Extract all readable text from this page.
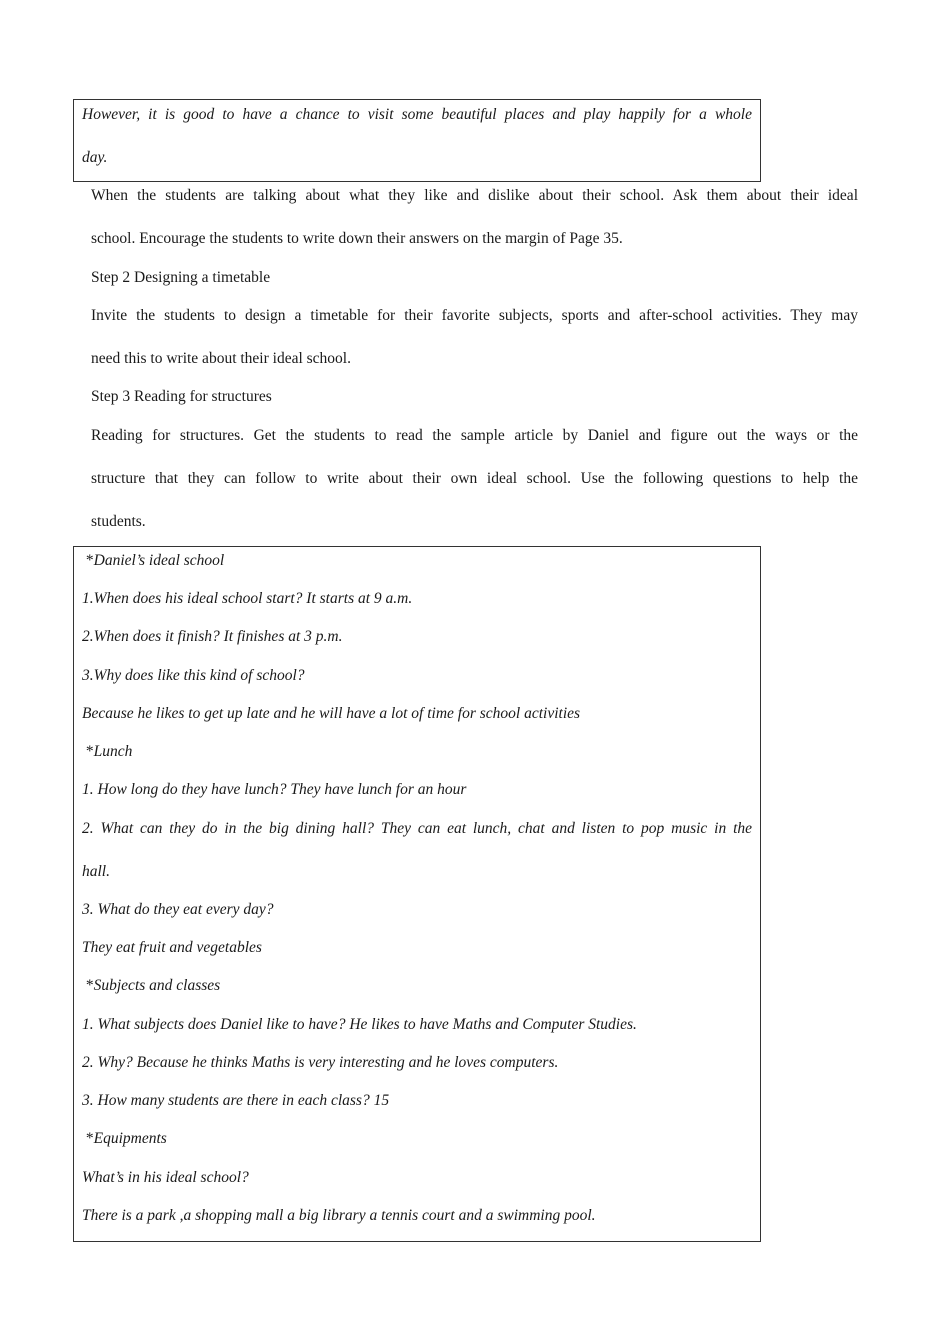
However, it is good to have a chance to visit some beautiful places and play happily for a whole

day.

When the students are talking about what they like and dislike about their school. Ask them about their ideal

school. Encourage the students to write down their answers on the margin of Page 35.

Step 2 Designing a timetable

Invite the students to design a timetable for their favorite subjects, sports and after-school activities. They may

need this to write about their ideal school.

Step 3 Reading for structures

Reading for structures. Get the students to read the sample article by Daniel and figure out the ways or the

structure that they can follow to write about their own ideal school. Use the following questions to help the

students.

*Daniel’s ideal school

1.When does his ideal school start? It starts at 9 a.m.

2.When does it finish? It finishes at 3 p.m.

3.Why does like this kind of school?

Because he likes to get up late and he will have a lot of time for school activities

*Lunch

1. How long do they have lunch? They have lunch for an hour

2. What can they do in the big dining hall? They can eat lunch, chat and listen to pop music in the

hall.

3. What do they eat every day?

They eat fruit and vegetables

*Subjects and classes

1. What subjects does Daniel like to have? He likes to have Maths and Computer Studies.

2. Why? Because he thinks Maths is very interesting and he loves computers.

3. How many students are there in each class? 15

*Equipments

What’s in his ideal school?

There is a park ,a shopping mall a big library a tennis court and a swimming pool.
